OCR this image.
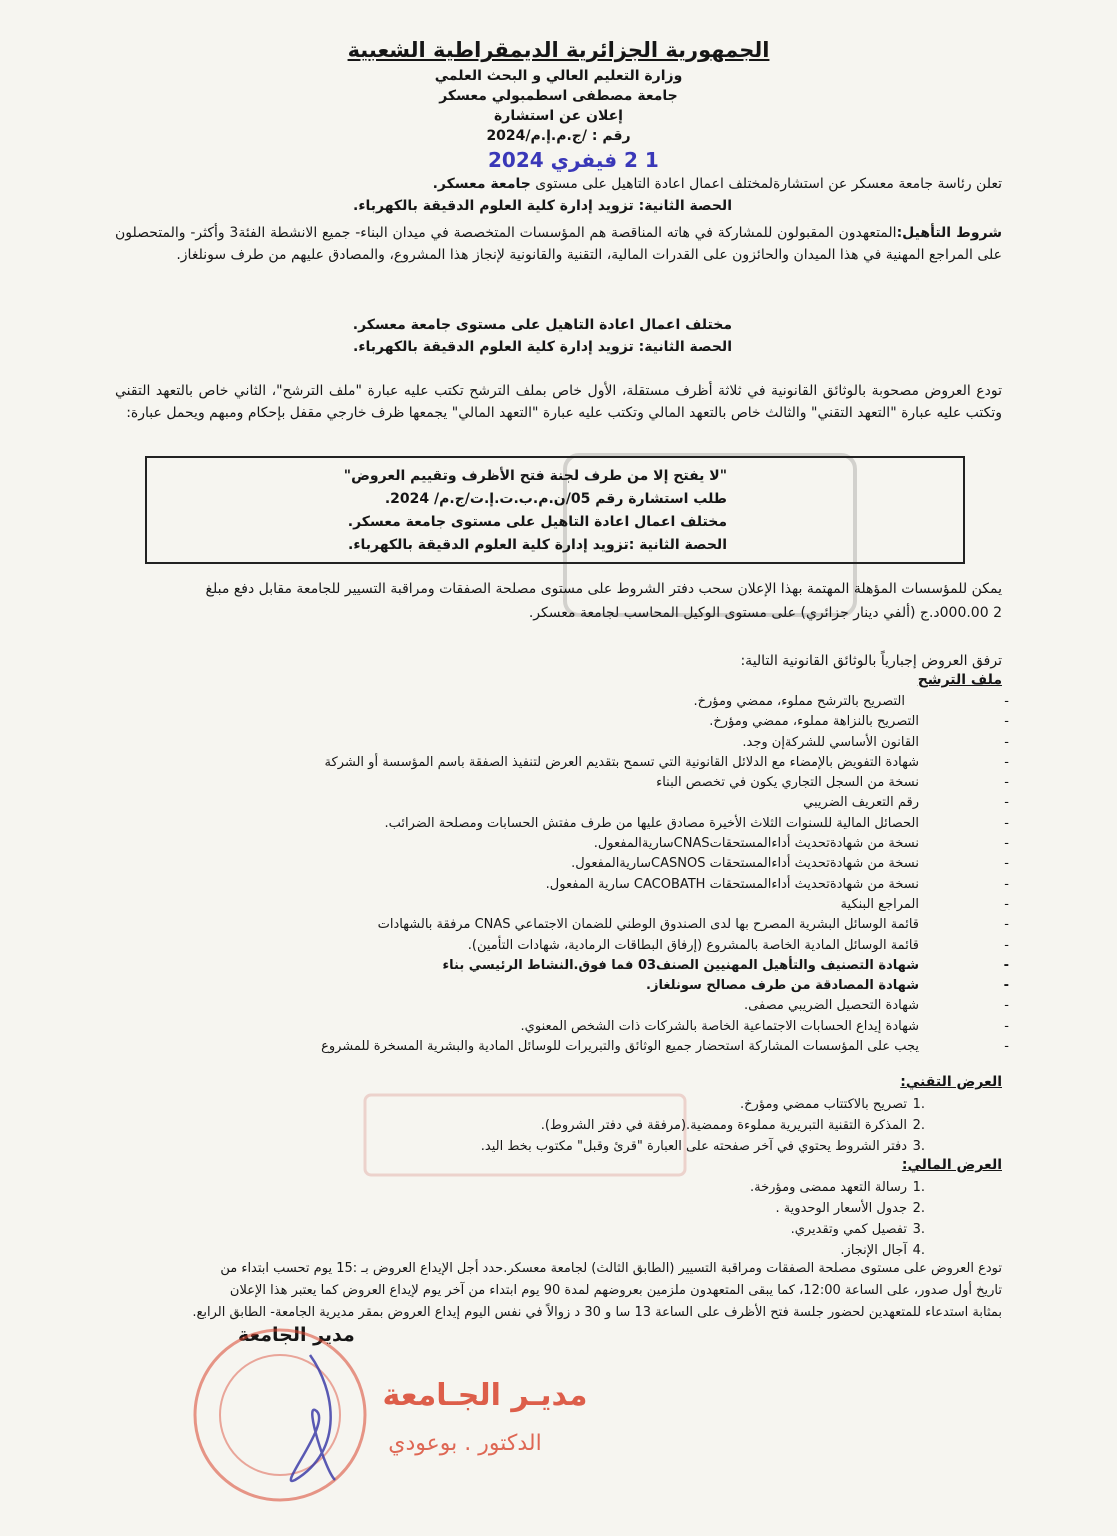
الجمهورية الجزائرية الديمقراطية الشعبية
وزارة التعليم العالي و البحث العلمي
جامعة مصطفى اسطمبولي معسكر
إعلان عن استشارة
رقم : /ج.م.إ.م/2024
1 2 فيفري 2024
تعلن رئاسة جامعة معسكر عن استشارةلمختلف اعمال اعادة التاهيل على مستوى جامعة معسكر.
الحصة الثانية: تزويد إدارة كلية العلوم الدقيقة بالكهرباء.
شروط التأهيل:المتعهدون المقبولون للمشاركة في هاته المناقصة هم المؤسسات المتخصصة في ميدان البناء- جميع الانشطة الفئة3 وأكثر- والمتحصلون على المراجع المهنية في هذا الميدان والحائزون على القدرات المالية، التقنية والقانونية لإنجاز هذا المشروع، والمصادق عليهم من طرف سونلغاز.
مختلف اعمال اعادة التاهيل على مستوى جامعة معسكر.
الحصة الثانية: تزويد إدارة كلية العلوم الدقيقة بالكهرباء.
تودع العروض مصحوبة بالوثائق القانونية في ثلاثة أظرف مستقلة، الأول خاص بملف الترشح تكتب عليه عبارة "ملف الترشح"، الثاني خاص بالتعهد التقني وتكتب عليه عبارة "التعهد التقني" والثالث خاص بالتعهد المالي وتكتب عليه عبارة "التعهد المالي" يجمعها ظرف خارجي مقفل بإحكام ومبهم ويحمل عبارة:
"لا يفتح إلا من طرف لجنة فتح الأظرف وتقييم العروض"
طلب استشارة رقم 05/ن.م.ب.ت.إ.ت/ج.م/ 2024.
مختلف اعمال اعادة التاهيل على مستوى جامعة معسكر.
الحصة الثانية :تزويد إدارة كلية العلوم الدقيقة بالكهرباء.
يمكن للمؤسسات المؤهلة المهتمة بهذا الإعلان سحب دفتر الشروط على مستوى مصلحة الصفقات ومراقبة التسيير للجامعة مقابل دفع مبلغ
2 000.00د.ج (ألفي دينار جزائري) على مستوى الوكيل المحاسب لجامعة معسكر.
ترفق العروض إجبارياً بالوثائق القانونية التالية:
ملف الترشح
- التصريح بالترشح مملوء، ممضي ومؤرخ.
- التصريح بالنزاهة مملوء، ممضي ومؤرخ.
- القانون الأساسي للشركةإن وجد.
- شهادة التفويض بالإمضاء مع الدلائل القانونية التي تسمح بتقديم العرض لتنفيذ الصفقة باسم المؤسسة أو الشركة
- نسخة من السجل التجاري يكون في تخصص البناء
- رقم التعريف الضريبي
- الحصائل المالية للسنوات الثلاث الأخيرة مصادق عليها من طرف مفتش الحسابات ومصلحة الضرائب.
- نسخة من شهادةتحديث أداءالمستحقاتCNASساريةالمفعول.
- نسخة من شهادةتحديث أداءالمستحقات CASNOSساريةالمفعول.
- نسخة من شهادةتحديث أداءالمستحقات CACOBATH سارية المفعول.
- المراجع البنكية
- قائمة الوسائل البشرية المصرح بها لدى الصندوق الوطني للضمان الاجتماعي CNAS مرفقة بالشهادات
- قائمة الوسائل المادية الخاصة بالمشروع (إرفاق البطاقات الرمادية، شهادات التأمين).
- شهادة التصنيف والتأهيل المهنيين الصنف03 فما فوق.النشاط الرئيسي بناء
- شهادة المصادقة من طرف مصالح سونلغاز.
- شهادة التحصيل الضريبي مصفى.
- شهادة إيداع الحسابات الاجتماعية الخاصة بالشركات ذات الشخص المعنوي.
- يجب على المؤسسات المشاركة استحضار جميع الوثائق والتبريرات للوسائل المادية والبشرية المسخرة للمشروع
العرض التقني:
.1
تصريح بالاكتتاب ممضي ومؤرخ.
.2
المذكرة التقنية التبريرية مملوءة وممضية.(مرفقة في دفتر الشروط).
.3
دفتر الشروط يحتوي في آخر صفحته على العبارة "قرئ وقبل" مكتوب بخط اليد.
العرض المالي:
.1
رسالة التعهد ممضى ومؤرخة.
.2
جدول الأسعار الوحدوية .
.3
تفصيل كمي وتقديري.
.4
آجال الإنجاز.
تودع العروض على مستوى مصلحة الصفقات ومراقبة التسيير (الطابق الثالث) لجامعة معسكر.حدد أجل الإيداع العروض بـ :15 يوم تحسب ابتداء من
تاريخ أول صدور، على الساعة 12:00، كما يبقى المتعهدون ملزمين بعروضهم لمدة 90 يوم ابتداء من آخر يوم لإيداع العروض كما يعتبر هذا الإعلان
بمثابة استدعاء للمتعهدين لحضور جلسة فتح الأظرف على الساعة 13 سا و 30 د زوالاً في نفس اليوم إيداع العروض بمقر مديرية الجامعة- الطابق الرابع.
مدير الجامعة
مديـر الجـامعة
الدكتور . بوعودي
